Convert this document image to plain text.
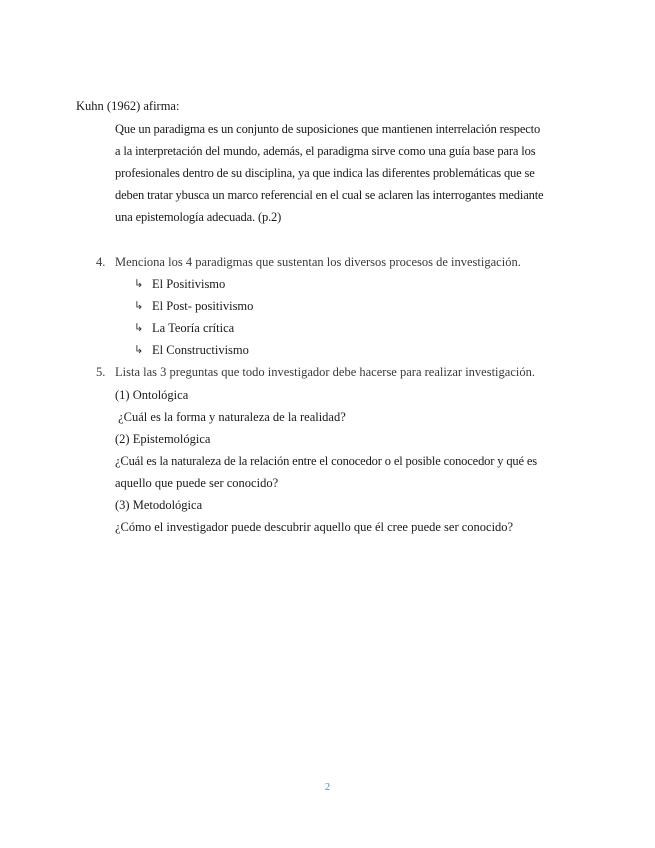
Kuhn (1962) afirma:
Que un paradigma es un conjunto de suposiciones que mantienen interrelación respecto
a la interpretación del mundo, además, el paradigma sirve como una guía base para los
profesionales dentro de su disciplina, ya que indica las diferentes problemáticas que se
deben tratar ybusca un marco referencial en el cual se aclaren las interrogantes mediante
una epistemología adecuada. (p.2)
4. Menciona los 4 paradigmas que sustentan los diversos procesos de investigación.
↳ El Positivismo
↳ El Post- positivismo
↳ La Teoría crítica
↳ El Constructivismo
5. Lista las 3 preguntas que todo investigador debe hacerse para realizar investigación.
(1) Ontológica
¿Cuál es la forma y naturaleza de la realidad?
(2) Epistemológica
¿Cuál es la naturaleza de la relación entre el conocedor o el posible conocedor y qué es
aquello que puede ser conocido?
(3) Metodológica
¿Cómo el investigador puede descubrir aquello que él cree puede ser conocido?
2
